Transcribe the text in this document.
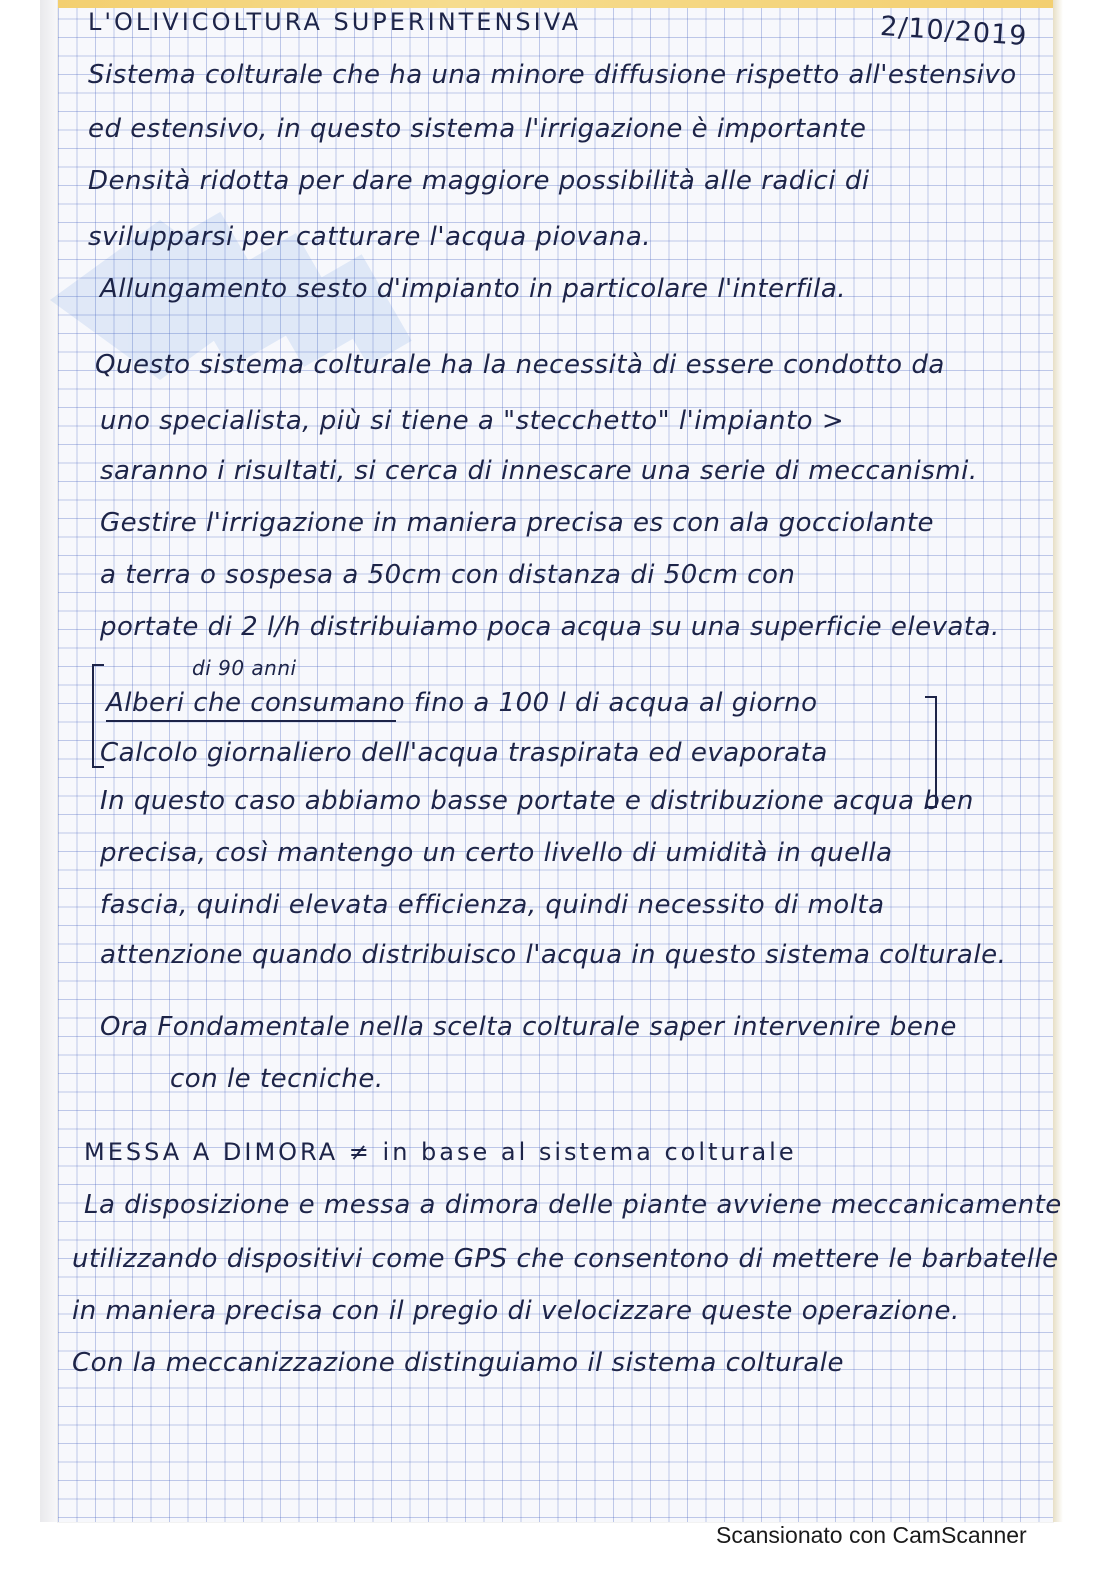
L'OLIVICOLTURA SUPERINTENSIVA	2/10/2019
Sistema colturale che ha una minore diffusione rispetto all'estensivo
ed estensivo, in questo sistema l'irrigazione è importante
Densità ridotta per dare maggiore possibilità alle radici di
svilupparsi per catturare l'acqua piovana.
Allungamento sesto d'impianto in particolare l'interfila.
Questo sistema colturale ha la necessità di essere condotto da
uno specialista, più si tiene a "stecchetto" l'impianto >
saranno i risultati, si cerca di innescare una serie di meccanismi.
Gestire l'irrigazione in maniera precisa es con ala gocciolante
a terra o sospesa a 50cm con distanza di 50cm con
portate di 2 l/h distribuiamo poca acqua su una superficie elevata.
di 90 anni
Alberi che consumano fino a 100 l di acqua al giorno
Calcolo giornaliero dell'acqua traspirata ed evaporata
In questo caso abbiamo basse portate e distribuzione acqua ben
precisa, così mantengo un certo livello di umidità in quella
fascia, quindi elevata efficienza, quindi necessito di molta
attenzione quando distribuisco l'acqua in questo sistema colturale.
Ora Fondamentale nella scelta colturale saper intervenire bene
con le tecniche.
MESSA A DIMORA ≠ in base al sistema colturale
La disposizione e messa a dimora delle piante avviene meccanicamente
utilizzando dispositivi come GPS che consentono di mettere le barbatelle
in maniera precisa con il pregio di velocizzare queste operazione.
Con la meccanizzazione distinguiamo il sistema colturale
Scansionato con CamScanner
